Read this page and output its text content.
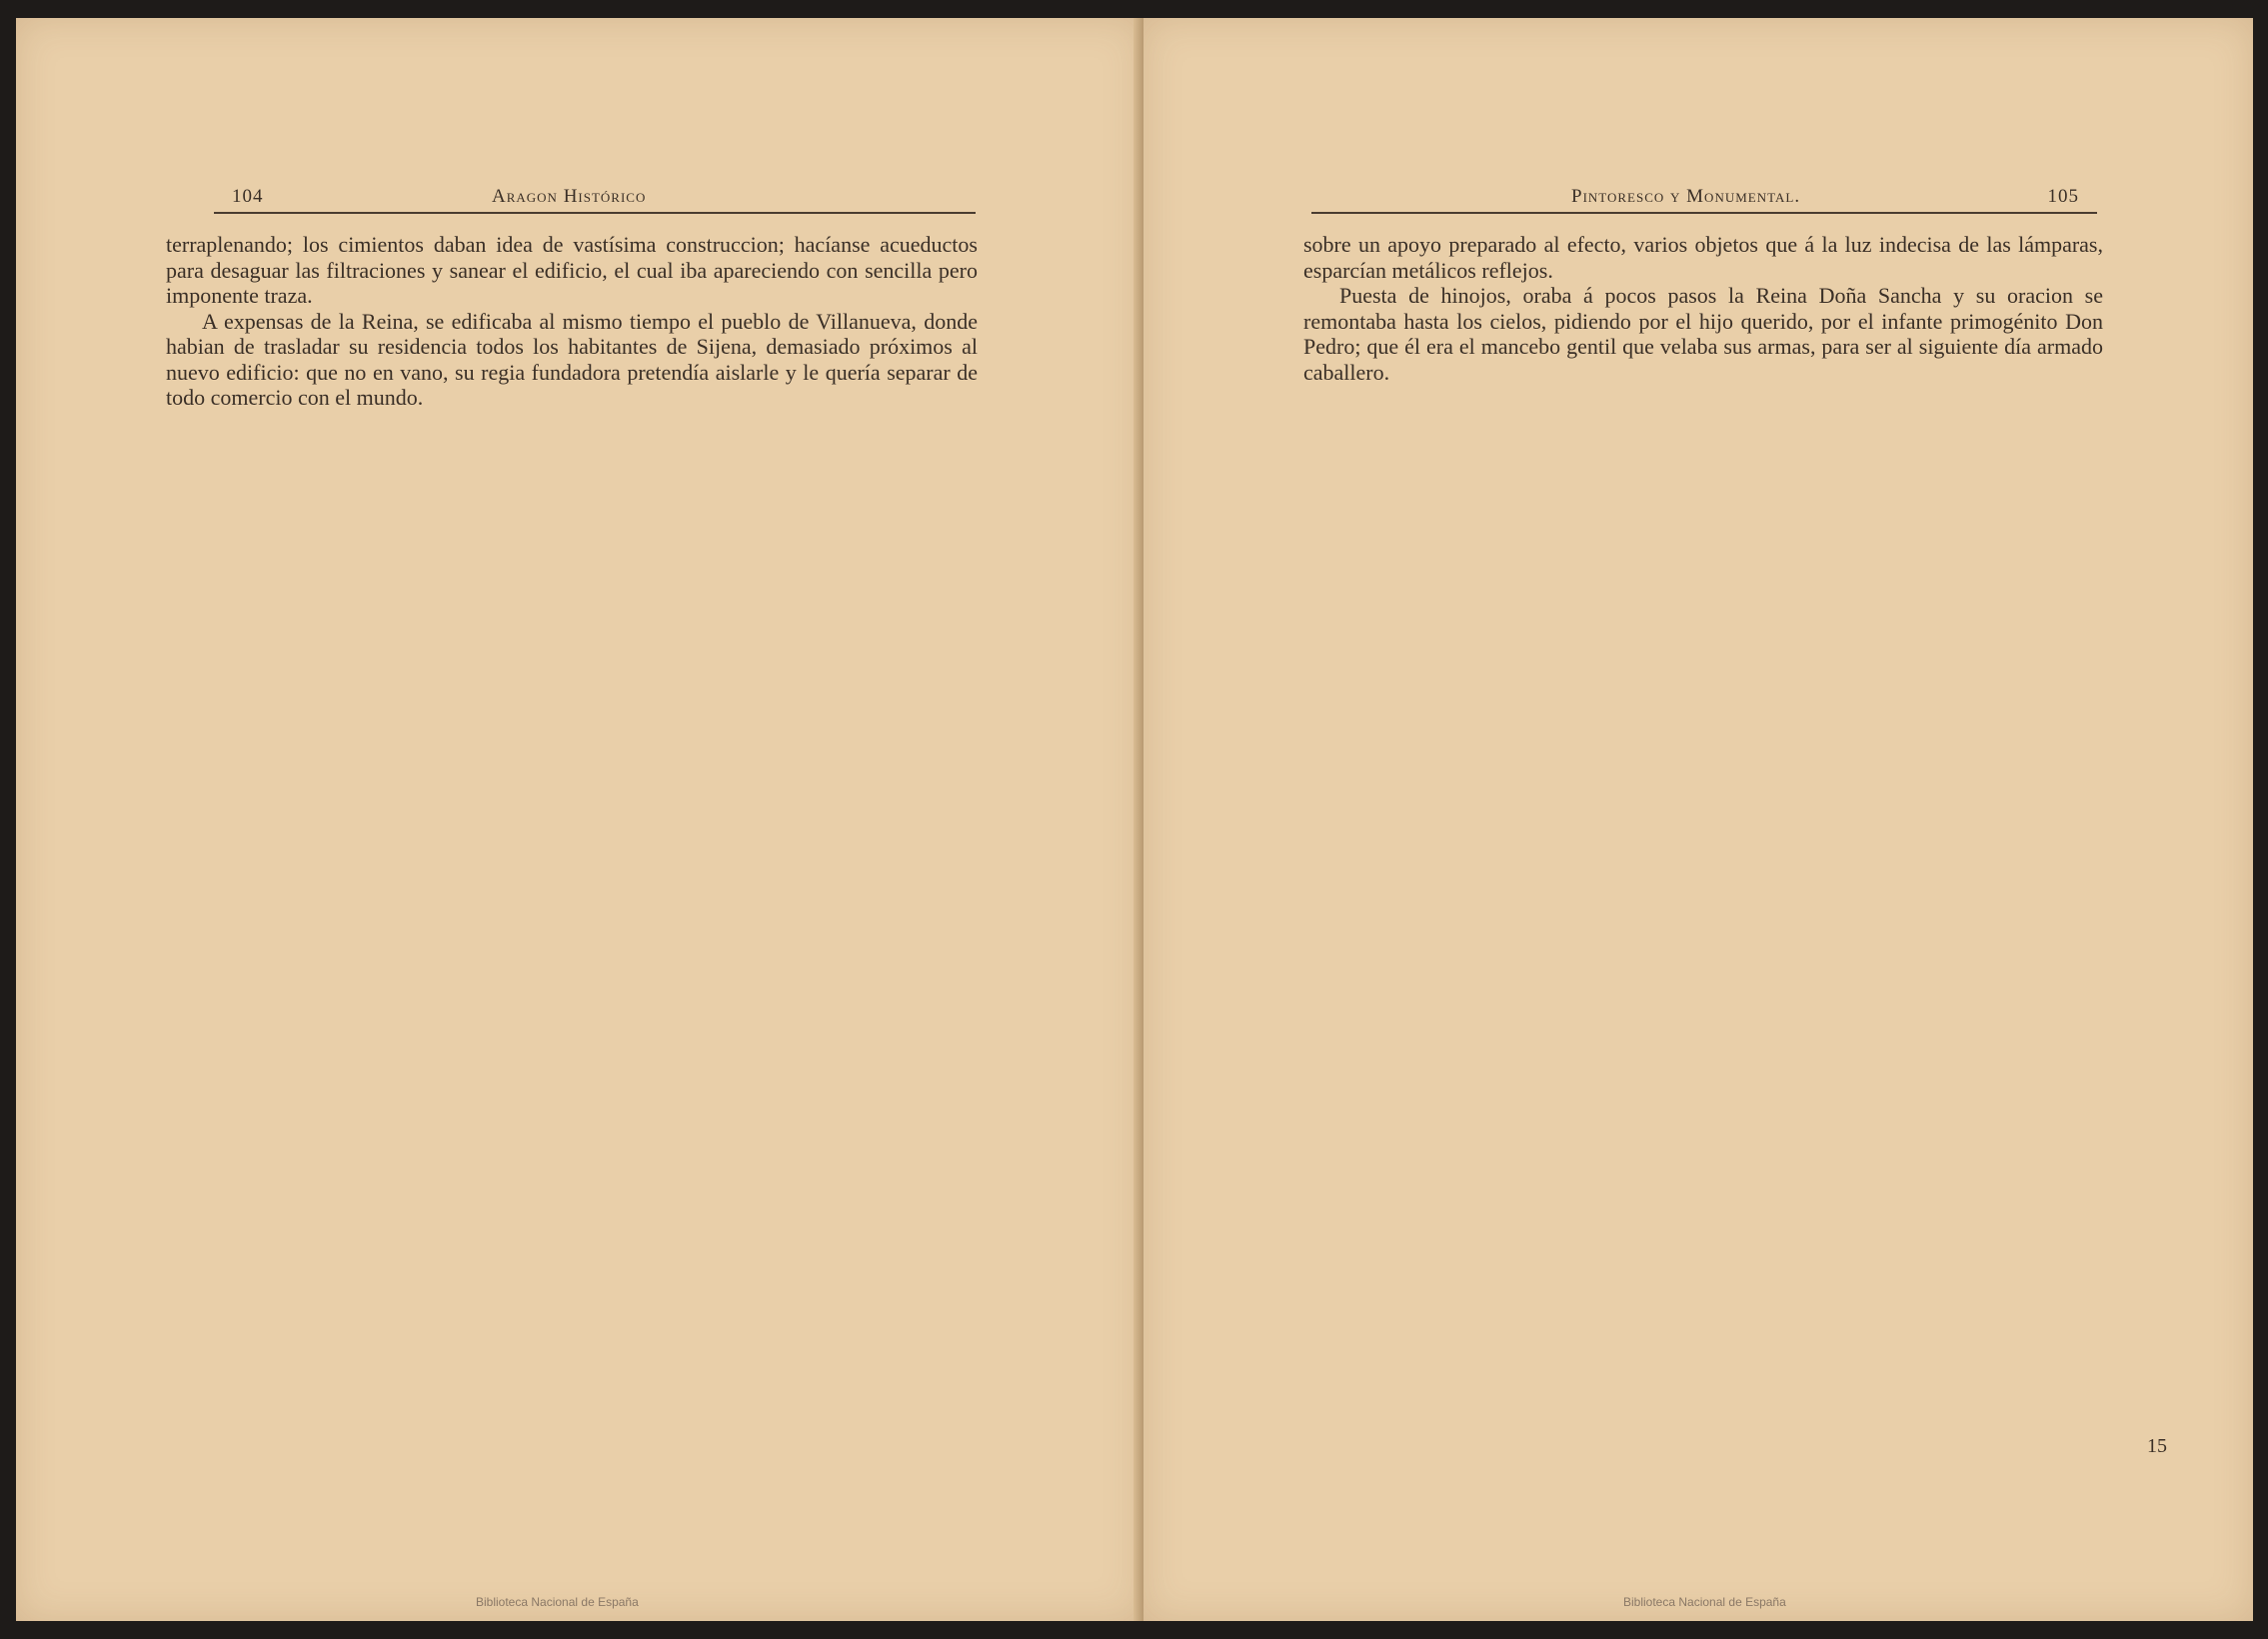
104	Aragon Histórico

terraplenando; los cimientos daban idea de vastísima construccion; hacíanse acueductos para desaguar las filtraciones y sanear el edificio, el cual iba apareciendo con sencilla pero imponente traza.

A expensas de la Reina, se edificaba al mismo tiempo el pueblo de Villanueva, donde habian de trasladar su residencia todos los habitantes de Sijena, demasiado próximos al nuevo edificio: que no en vano, su regia fundadora pretendía aislarle y le quería separar de todo comercio con el mundo.

Biblioteca Nacional de España
Pintoresco y Monumental.	105

sobre un apoyo preparado al efecto, varios objetos que á la luz indecisa de las lámparas, esparcían metálicos reflejos.

Puesta de hinojos, oraba á pocos pasos la Reina Doña Sancha y su oracion se remontaba hasta los cielos, pidiendo por el hijo querido, por el infante primogénito Don Pedro; que él era el mancebo gentil que velaba sus armas, para ser al siguiente día armado caballero.

15
Biblioteca Nacional de España
